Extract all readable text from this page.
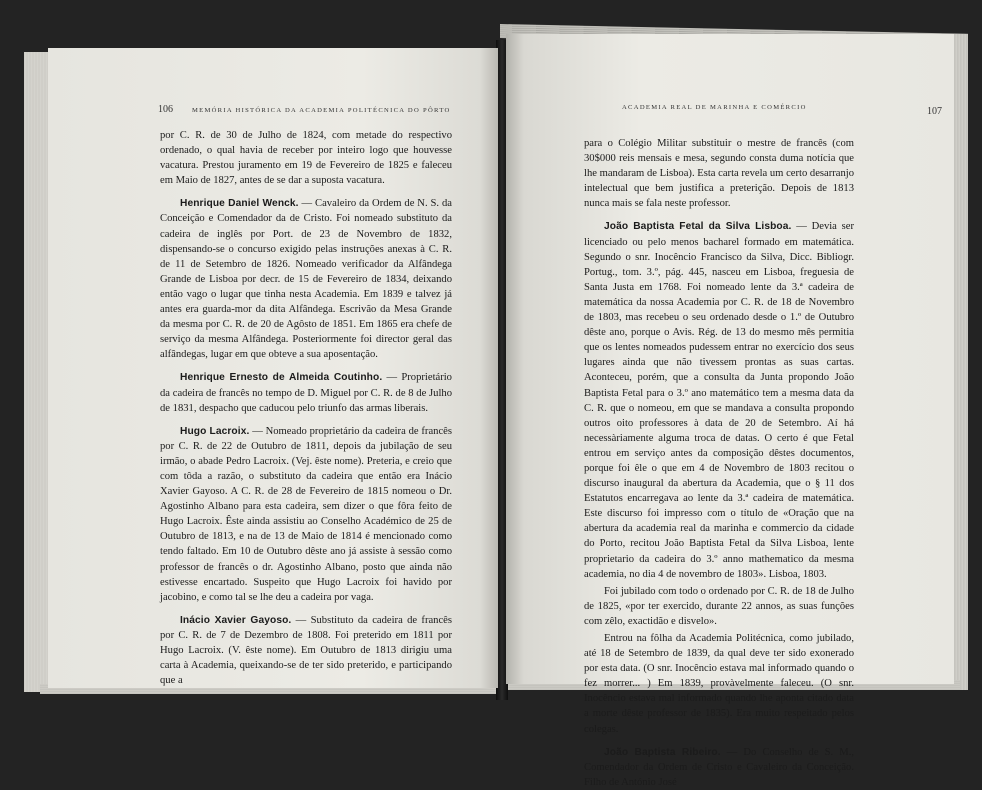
106	MEMÓRIA HISTÓRICA DA ACADEMIA POLITÉCNICA DO PÔRTO

por C. R. de 30 de Julho de 1824, com metade do respectivo ordenado, o qual havia de receber por inteiro logo que houvesse vacatura. Prestou juramento em 19 de Fevereiro de 1825 e faleceu em Maio de 1827, antes de se dar a suposta vacatura.

Henrique Daniel Wenck. — Cavaleiro da Ordem de N. S. da Conceição e Comendador da de Cristo. Foi nomeado substituto da cadeira de inglês por Port. de 23 de Novembro de 1832, dispensando-se o concurso exigido pelas instruções anexas à C. R. de 11 de Setembro de 1826. Nomeado verificador da Alfândega Grande de Lisboa por decr. de 15 de Fevereiro de 1834, deixando então vago o lugar que tinha nesta Academia. Em 1839 e talvez já antes era guarda-mor da dita Alfândega. Escrivão da Mesa Grande da mesma por C. R. de 20 de Agôsto de 1851. Em 1865 era chefe de serviço da mesma Alfândega. Posteriormente foi director geral das alfândegas, lugar em que obteve a sua aposentação.

Henrique Ernesto de Almeida Coutinho. — Proprietário da cadeira de francês no tempo de D. Miguel por C. R. de 8 de Julho de 1831, despacho que caducou pelo triunfo das armas liberais.

Hugo Lacroix. — Nomeado proprietário da cadeira de francês por C. R. de 22 de Outubro de 1811, depois da jubilação de seu irmão, o abade Pedro Lacroix. (Vej. êste nome). Preteria, e creio que com tôda a razão, o substituto da cadeira que então era Inácio Xavier Gayoso. A C. R. de 28 de Fevereiro de 1815 nomeou o Dr. Agostinho Albano para esta cadeira, sem dizer o que fôra feito de Hugo Lacroix. Êste ainda assistiu ao Conselho Académico de 25 de Outubro de 1813, e na de 13 de Maio de 1814 é mencionado como tendo faltado. Em 10 de Outubro dêste ano já assiste à sessão como professor de francês o dr. Agostinho Albano, posto que ainda não estivesse encartado. Suspeito que Hugo Lacroix foi havido por jacobino, e como tal se lhe deu a cadeira por vaga.

Inácio Xavier Gayoso. — Substituto da cadeira de francês por C. R. de 7 de Dezembro de 1808. Foi preterido em 1811 por Hugo Lacroix. (V. êste nome). Em Outubro de 1813 dirigiu uma carta à Academia, queixando-se de ter sido preterido, e participando que a

ACADEMIA REAL DE MARINHA E COMÉRCIO	107

para o Colégio Militar substituir o mestre de francês (com 30$000 reis mensais e mesa, segundo consta duma notícia que lhe mandaram de Lisboa). Esta carta revela um certo desarranjo intelectual que bem justifica a preterição. Depois de 1813 nunca mais se fala neste professor.

João Baptista Fetal da Silva Lisboa. — Devia ser licenciado ou pelo menos bacharel formado em matemática. Segundo o snr. Inocêncio Francisco da Silva, Dicc. Bibliogr. Portug., tom. 3.º, pág. 445, nasceu em Lisboa, freguesia de Santa Justa em 1768. Foi nomeado lente da 3.ª cadeira de matemática da nossa Academia por C. R. de 18 de Novembro de 1803, mas recebeu o seu ordenado desde o 1.º de Outubro dêste ano, porque o Avis. Rég. de 13 do mesmo mês permitia que os lentes nomeados pudessem entrar no exercício dos seus lugares ainda que não tivessem prontas as suas cartas. Aconteceu, porém, que a consulta da Junta propondo João Baptista Fetal para o 3.º ano matemático tem a mesma data da C. R. que o nomeou, em que se mandava a consulta propondo outros oito professores à data de 20 de Setembro. Aí há necessàriamente alguma troca de datas. O certo é que Fetal entrou em serviço antes da composição dêstes documentos, porque foi êle o que em 4 de Novembro de 1803 recitou o discurso inaugural da abertura da Academia, que o § 11 dos Estatutos encarregava ao lente da 3.ª cadeira de matemática. Este discurso foi impresso com o título de «Oração que na abertura da academia real da marinha e commercio da cidade do Porto, recitou João Baptista Fetal da Silva Lisboa, lente proprietario da cadeira do 3.º anno mathematico da mesma academia, no dia 4 de novembro de 1803». Lisboa, 1803.

Foi jubilado com todo o ordenado por C. R. de 18 de Julho de 1825, «por ter exercido, durante 22 annos, as suas funções com zêlo, exactidão e disvelo».

Entrou na fôlha da Academia Politécnica, como jubilado, até 18 de Setembro de 1839, da qual deve ter sido exonerado por esta data. (O snr. Inocêncio estava mal informado quando o fez morrer... ) Em 1839, provàvelmente faleceu. (O snr. Inocêncio estava mal informado quando lhe aponta citado data a morte dêste professor de 1835). Era muito respeitado pelos colegas.

João Baptista Ribeiro. — Do Conselho de S. M., Comendador da Ordem de Cristo e Cavaleiro da Conceição. Filho de António José
